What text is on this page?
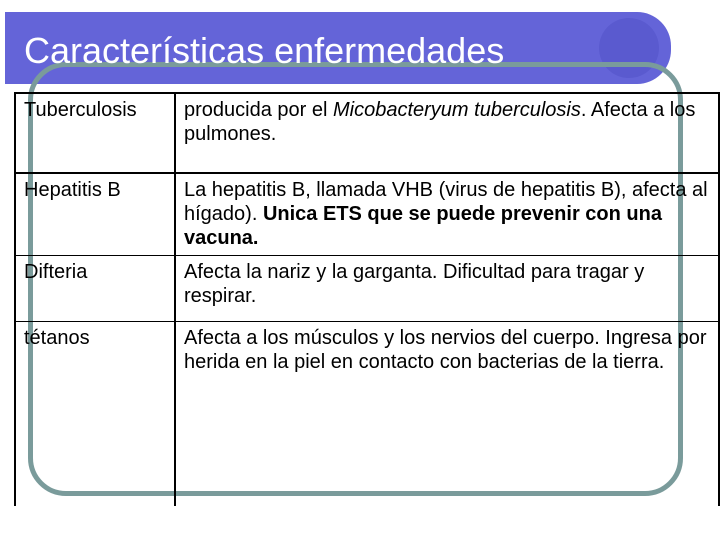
Características enfermedades
Tuberculosis	producida por el Micobacteryum tuberculosis. Afecta a los pulmones.
Hepatitis B	La hepatitis B, llamada VHB (virus de hepatitis B), afecta al hígado). Unica ETS que se puede prevenir con una vacuna.
Difteria	Afecta la nariz y la garganta. Dificultad para tragar y respirar.
tétanos	Afecta a los músculos y los nervios del cuerpo. Ingresa por herida en la piel en contacto con bacterias de la tierra.
